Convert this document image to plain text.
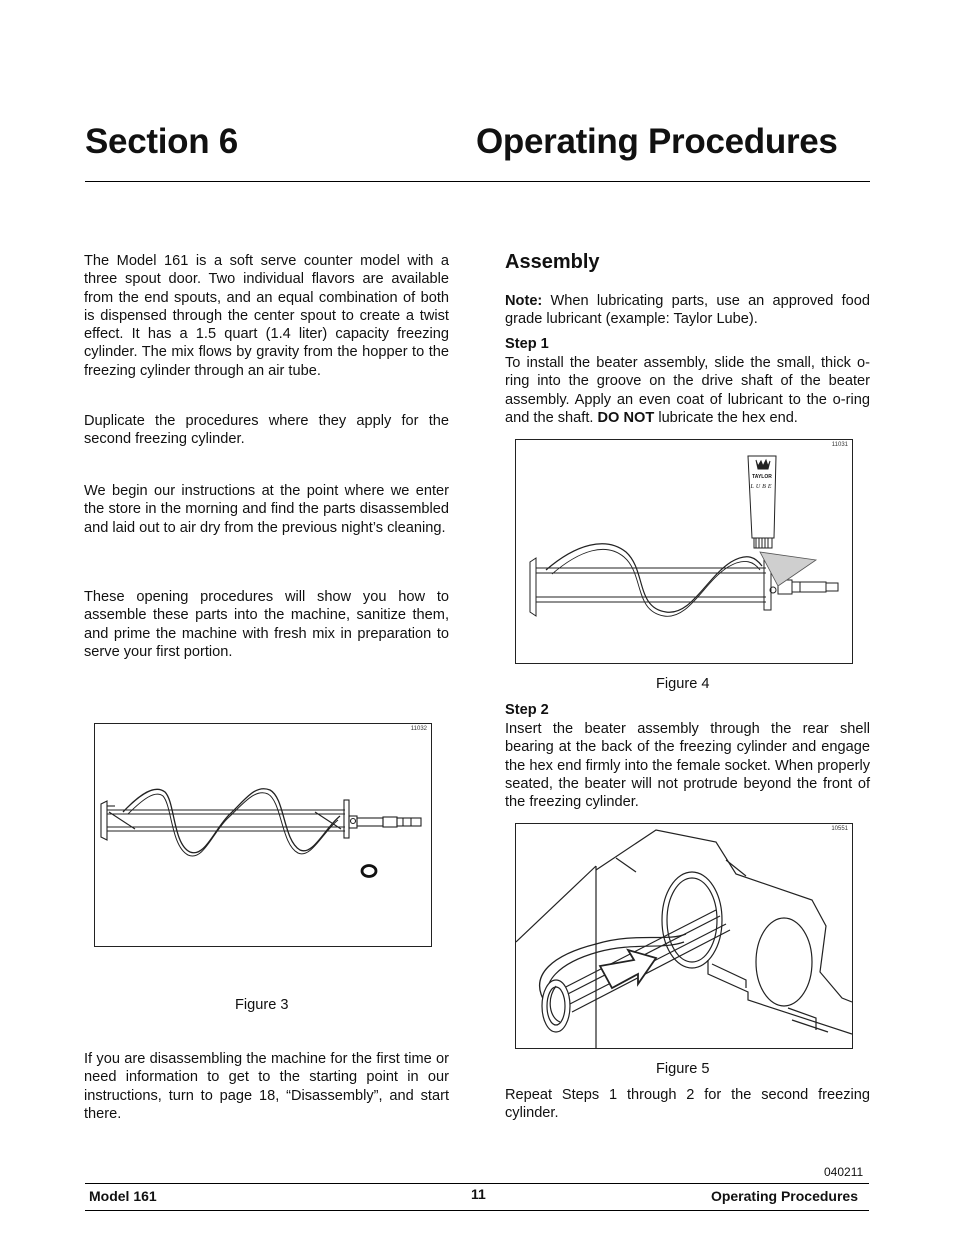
Section 6	Operating Procedures
The Model 161 is a soft serve counter model with a three spout door. Two individual flavors are available from the end spouts, and an equal combination of both is dispensed through the center spout to create a twist effect. It has a 1.5 quart (1.4 liter) capacity freezing cylinder. The mix flows by gravity from the hopper to the freezing cylinder through an air tube.
Duplicate the procedures where they apply for the second freezing cylinder.
We begin our instructions at the point where we enter the store in the morning and find the parts disassembled and laid out to air dry from the previous night’s cleaning.
These opening procedures will show you how to assemble these parts into the machine, sanitize them, and prime the machine with fresh mix in preparation to serve your first portion.
11032
Figure 3
If you are disassembling the machine for the first time or need information to get to the starting point in our instructions, turn to page 18, “Disassembly”, and start there.
Assembly
Note: When lubricating parts, use an approved food grade lubricant (example: Taylor Lube).
Step 1
To install the beater assembly, slide the small, thick o-ring into the groove on the drive shaft of the beater assembly. Apply an even coat of lubricant to the o-ring and the shaft. DO NOT lubricate the hex end.
11031
TAYLOR
LUBE
Figure 4
Step 2
Insert the beater assembly through the rear shell bearing at the back of the freezing cylinder and engage the hex end firmly into the female socket. When properly seated, the beater will not protrude beyond the front of the freezing cylinder.
10551
Figure 5
Repeat Steps 1 through 2 for the second freezing cylinder.
040211
Model 161	11	Operating Procedures
